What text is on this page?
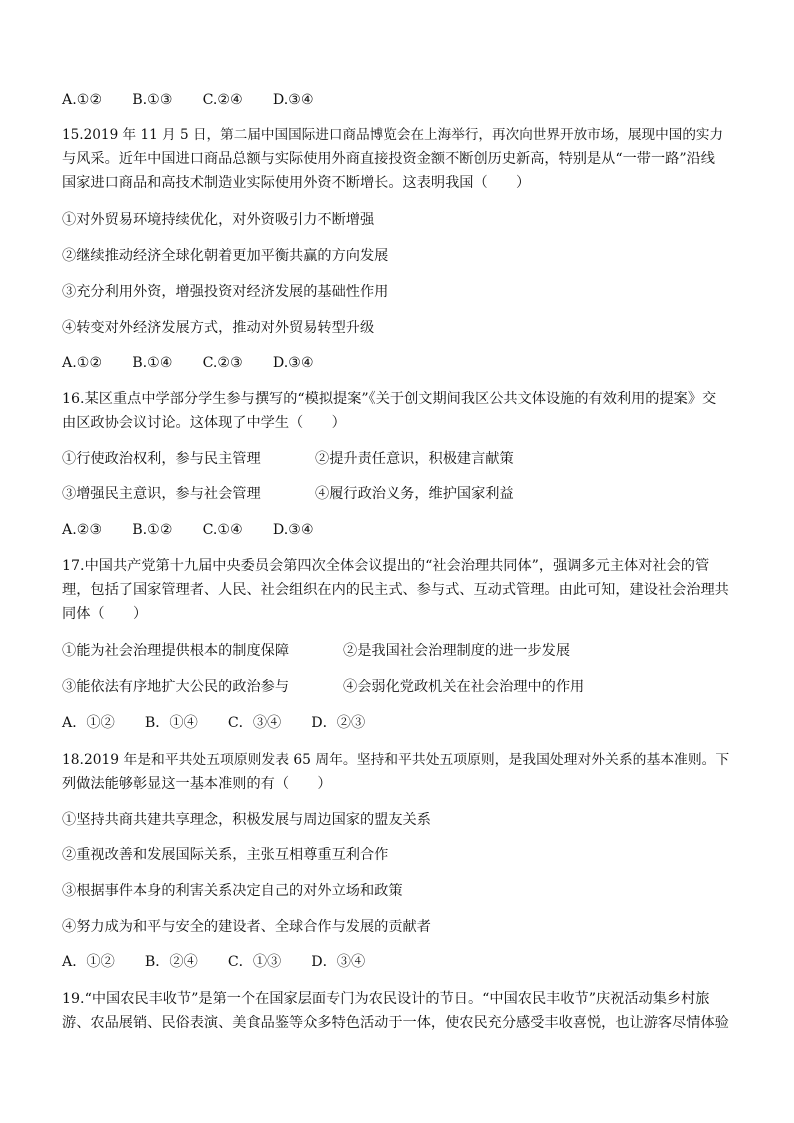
A.①② B.①③ C.②④ D.③④

15.2019 年 11 月 5 日，第二届中国国际进口商品博览会在上海举行，再次向世界开放市场，展现中国的实力

与风采。近年中国进口商品总额与实际使用外商直接投资金额不断创历史新高，特别是从“一带一路”沿线

国家进口商品和高技术制造业实际使用外资不断增长。这表明我国（　　）

①对外贸易环境持续优化，对外资吸引力不断增强

②继续推动经济全球化朝着更加平衡共赢的方向发展

③充分利用外资，增强投资对经济发展的基础性作用

④转变对外经济发展方式，推动对外贸易转型升级

A.①② B.①④ C.②③ D.③④

16.某区重点中学部分学生参与撰写的“模拟提案”《关于创文期间我区公共文体设施的有效利用的提案》交

由区政协会议讨论。这体现了中学生（　　）

①行使政治权利，参与民主管理	②提升责任意识，积极建言献策

③增强民主意识，参与社会管理	④履行政治义务，维护国家利益

A.②③ B.①② C.①④ D.③④

17.中国共产党第十九届中央委员会第四次全体会议提出的“社会治理共同体”，强调多元主体对社会的管

理，包括了国家管理者、人民、社会组织在内的民主式、参与式、互动式管理。由此可知，建设社会治理共

同体（　　）

①能为社会治理提供根本的制度保障	②是我国社会治理制度的进一步发展

③能依法有序地扩大公民的政治参与	④会弱化党政机关在社会治理中的作用

A．①② B．①④ C．③④ D．②③

18.2019 年是和平共处五项原则发表 65 周年。坚持和平共处五项原则，是我国处理对外关系的基本准则。下

列做法能够彰显这一基本准则的有（　　）

①坚持共商共建共享理念，积极发展与周边国家的盟友关系

②重视改善和发展国际关系，主张互相尊重互利合作

③根据事件本身的利害关系决定自己的对外立场和政策

④努力成为和平与安全的建设者、全球合作与发展的贡献者

A．①② B．②④ C．①③ D．③④

19.“中国农民丰收节”是第一个在国家层面专门为农民设计的节日。“中国农民丰收节”庆祝活动集乡村旅

游、农品展销、民俗表演、美食品鉴等众多特色活动于一体，使农民充分感受丰收喜悦，也让游客尽情体验
